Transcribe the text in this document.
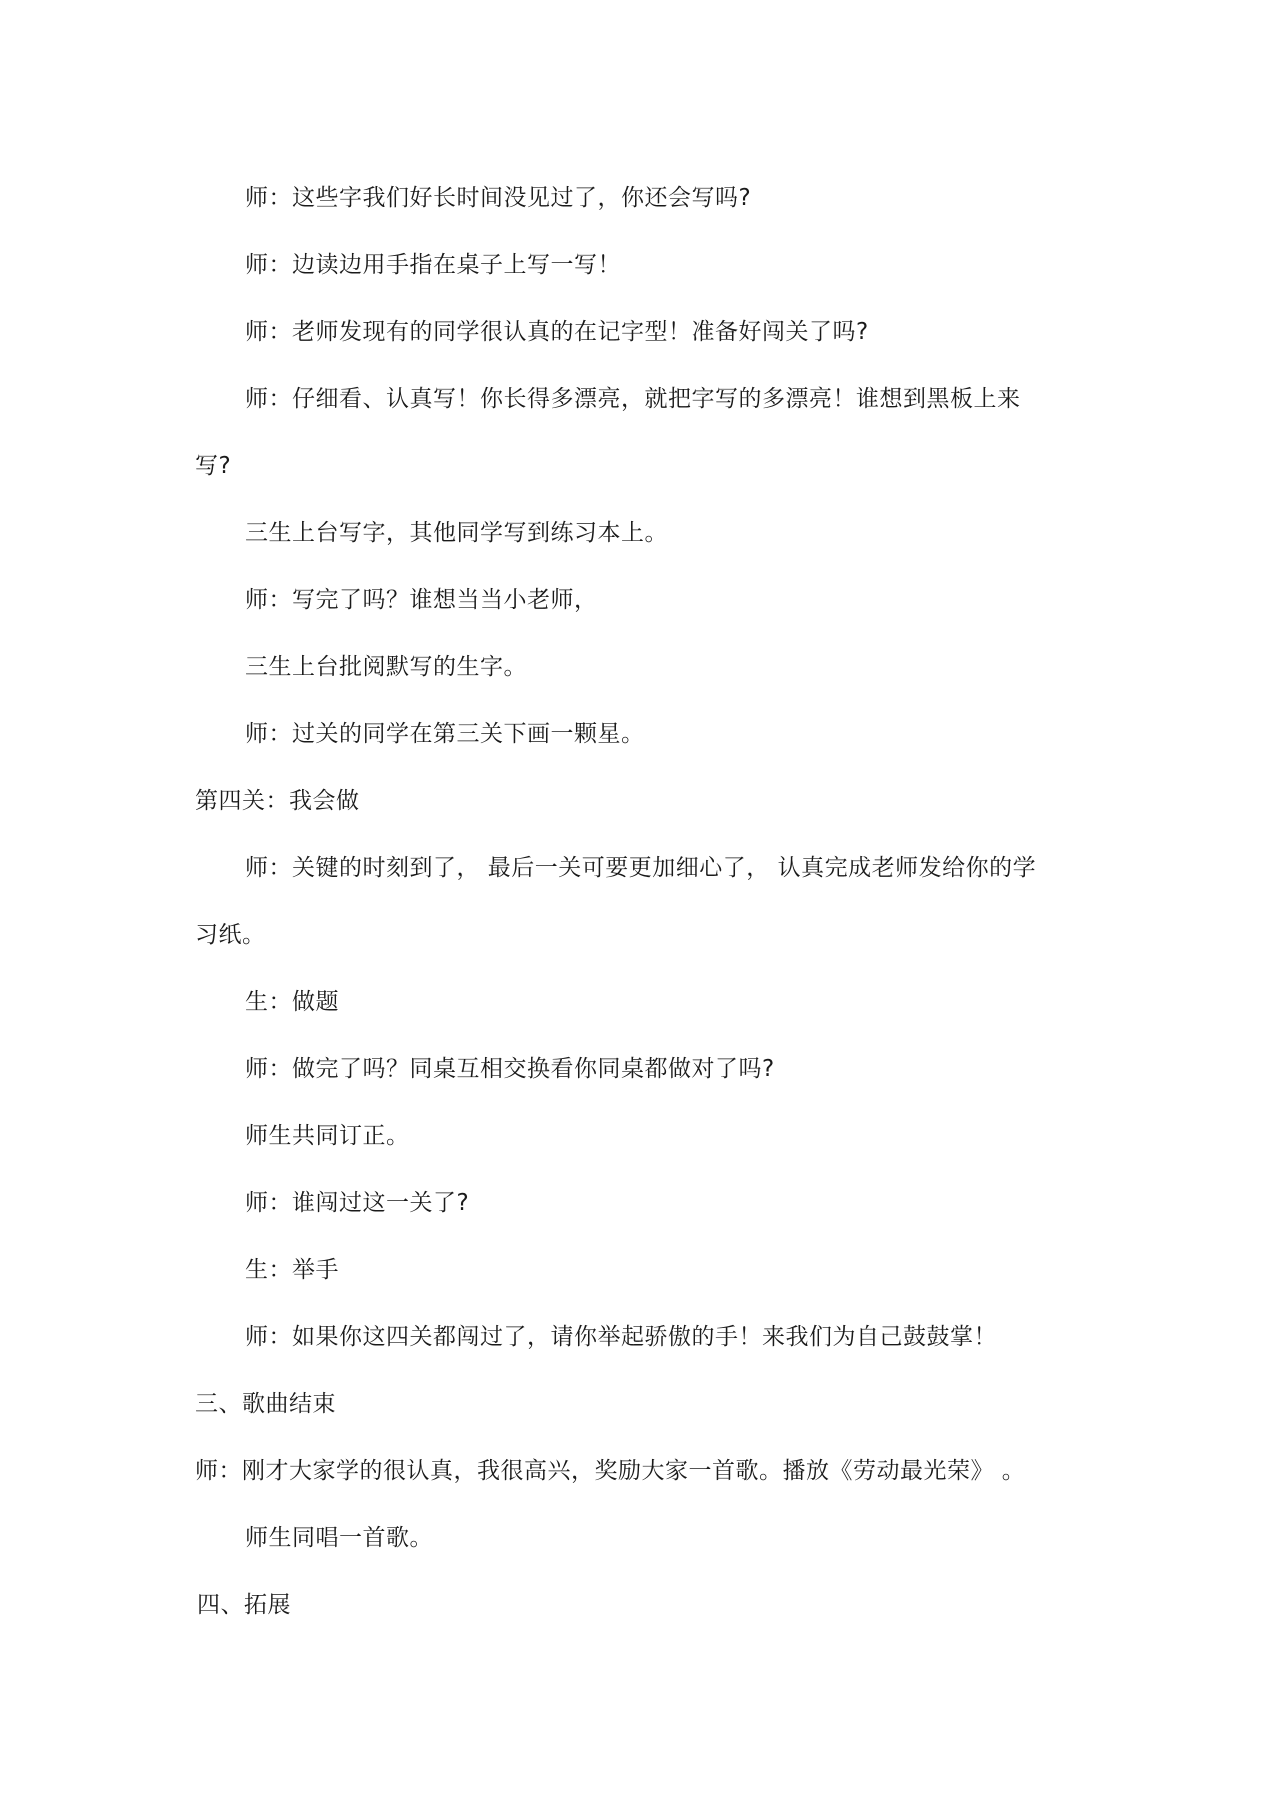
师：这些字我们好长时间没见过了，你还会写吗?
师：边读边用手指在桌子上写一写！
师：老师发现有的同学很认真的在记字型！准备好闯关了吗?
师：仔细看、认真写！你长得多漂亮，就把字写的多漂亮！谁想到黑板上来
写?
三生上台写字，其他同学写到练习本上。
师：写完了吗？谁想当当小老师，
三生上台批阅默写的生字。
师：过关的同学在第三关下画一颗星。
第四关：我会做
师：关键的时刻到了， 最后一关可要更加细心了， 认真完成老师发给你的学
习纸。
生：做题
师：做完了吗？同桌互相交换看你同桌都做对了吗?
师生共同订正。
师：谁闯过这一关了?
生：举手
师：如果你这四关都闯过了，请你举起骄傲的手！来我们为自己鼓鼓掌！
三、歌曲结束
师：刚才大家学的很认真，我很高兴，奖励大家一首歌。播放《劳动最光荣》 。
师生同唱一首歌。
四、拓展
